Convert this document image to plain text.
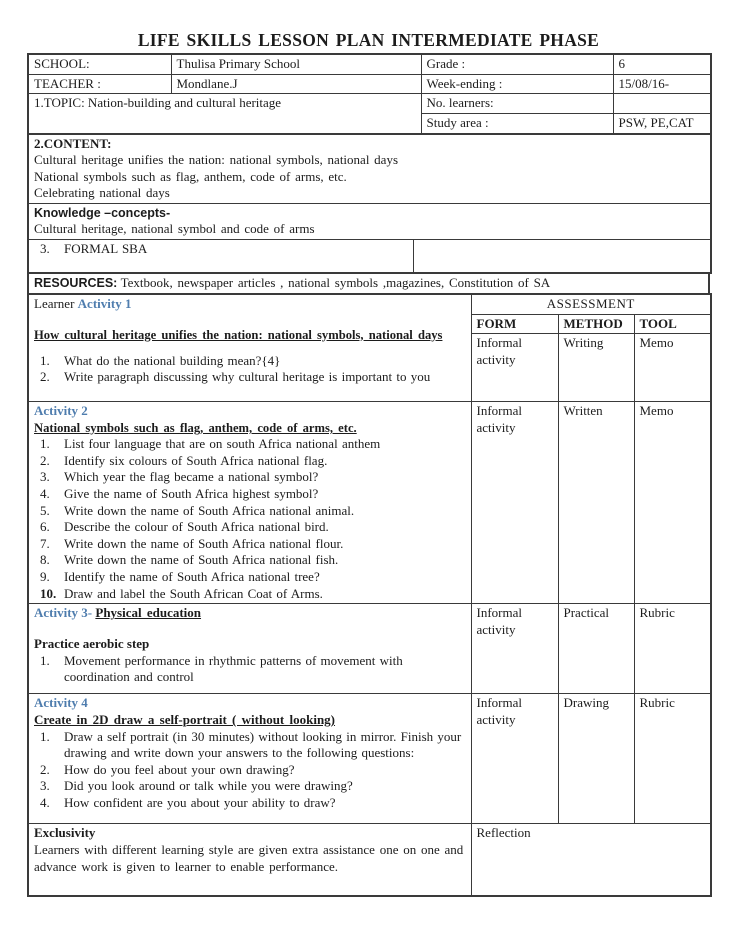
LIFE SKILLS LESSON PLAN INTERMEDIATE PHASE
SCHOOL:	Thulisa Primary School	Grade :	6
TEACHER :	Mondlane.J	Week-ending :	15/08/16-
1.TOPIC: Nation-building and cultural heritage		No. learners:	
		Study area :	PSW, PE,CAT
2.CONTENT:
Cultural heritage unifies the nation: national symbols, national days
National symbols such as flag, anthem, code of arms, etc.
Celebrating national days

Knowledge –concepts-
Cultural heritage, national symbol and code of arms

3.	FORMAL SBA

RESOURCES: Textbook, newspaper articles , national symbols ,magazines, Constitution of SA
Learner Activity 1
How cultural heritage unifies the nation: national symbols, national days
1.	What do the national building mean?{4}
2.	Write paragraph discussing why cultural heritage is important to you
	ASSESSMENT
	FORM	METHOD	TOOL
	Informal activity	Writing	Memo

Activity 2
National symbols such as flag, anthem, code of arms, etc.
1.	List four language that are on south Africa national anthem
2.	Identify six colours of South Africa national flag.
3.	Which year the flag became a national symbol?
4.	Give the name of South Africa highest symbol?
5.	Write down the name of South Africa national animal.
6.	Describe the colour of South Africa national bird.
7.	Write down the name of South Africa national flour.
8.	Write down the name of South Africa national fish.
9.	Identify the name of South Africa national tree?
10. Draw and label the South African Coat of Arms.
	Informal activity	Written	Memo

Activity 3- Physical education
Practice aerobic step
1. Movement performance in rhythmic patterns of movement with coordination and control	Informal activity	Practical	Rubric

Activity 4
Create in 2D draw a self-portrait ( without looking)
1.	Draw a self portrait (in 30 minutes) without looking in mirror. Finish your drawing and write down your answers to the following questions:
2.	How do you feel about your own drawing?
3.	Did you look around or talk while you were drawing?
4.	How confident are you about your ability to draw?
	Informal activity	Drawing	Rubric

Exclusivity
Learners with different learning style are given extra assistance one on one and advance work is given to learner to enable performance.	Reflection		
